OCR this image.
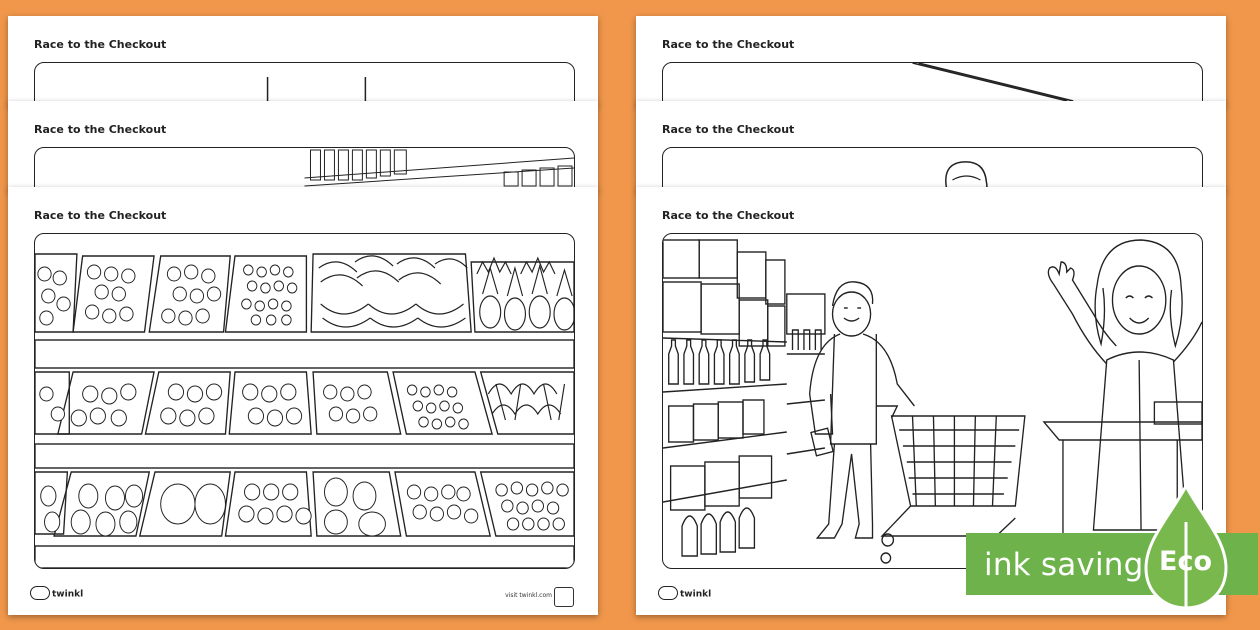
Race to the Checkout
Race to the Checkout
Race to the Checkout
twinkl	visit twinkl.com
Race to the Checkout
Race to the Checkout
Race to the Checkout
twinkl
ink saving Eco
